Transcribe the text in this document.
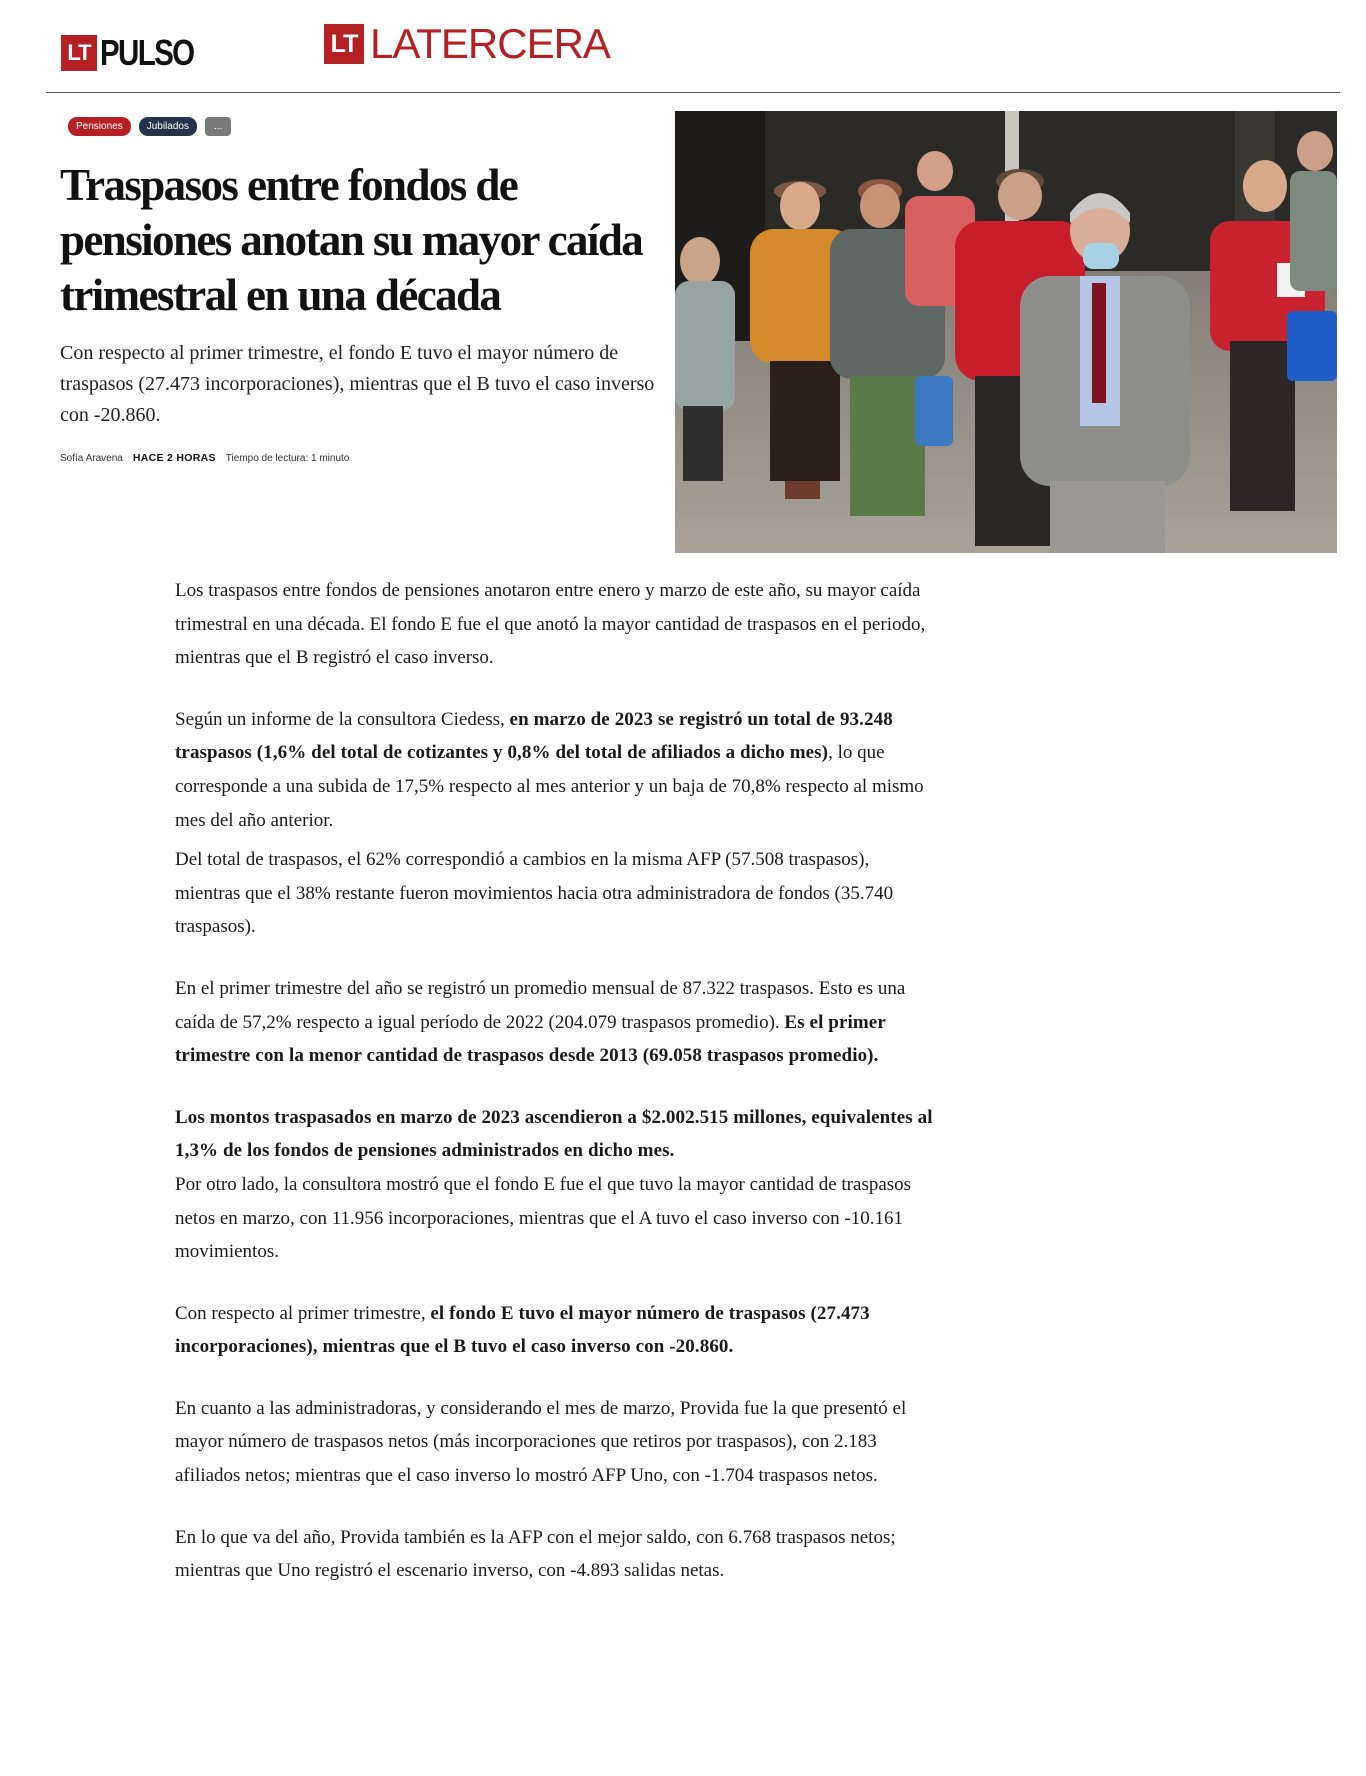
LT PULSO	LT LATERCERA
Pensiones	Jubilados	...
Traspasos entre fondos de pensiones anotan su mayor caída trimestral en una década

Con respecto al primer trimestre, el fondo E tuvo el mayor número de traspasos (27.473 incorporaciones), mientras que el B tuvo el caso inverso con -20.860.

Sofía Aravena HACE 2 HORAS Tiempo de lectura: 1 minuto

Los traspasos entre fondos de pensiones anotaron entre enero y marzo de este año, su mayor caída trimestral en una década. El fondo E fue el que anotó la mayor cantidad de traspasos en el periodo, mientras que el B registró el caso inverso.

Según un informe de la consultora Ciedess, en marzo de 2023 se registró un total de 93.248 traspasos (1,6% del total de cotizantes y 0,8% del total de afiliados a dicho mes), lo que corresponde a una subida de 17,5% respecto al mes anterior y un baja de 70,8% respecto al mismo mes del año anterior.

Del total de traspasos, el 62% correspondió a cambios en la misma AFP (57.508 traspasos), mientras que el 38% restante fueron movimientos hacia otra administradora de fondos (35.740 traspasos).

En el primer trimestre del año se registró un promedio mensual de 87.322 traspasos. Esto es una caída de 57,2% respecto a igual período de 2022 (204.079 traspasos promedio). Es el primer trimestre con la menor cantidad de traspasos desde 2013 (69.058 traspasos promedio).

Los montos traspasados en marzo de 2023 ascendieron a $2.002.515 millones, equivalentes al 1,3% de los fondos de pensiones administrados en dicho mes.

Por otro lado, la consultora mostró que el fondo E fue el que tuvo la mayor cantidad de traspasos netos en marzo, con 11.956 incorporaciones, mientras que el A tuvo el caso inverso con -10.161 movimientos.

Con respecto al primer trimestre, el fondo E tuvo el mayor número de traspasos (27.473 incorporaciones), mientras que el B tuvo el caso inverso con -20.860.

En cuanto a las administradoras, y considerando el mes de marzo, Provida fue la que presentó el mayor número de traspasos netos (más incorporaciones que retiros por traspasos), con 2.183 afiliados netos; mientras que el caso inverso lo mostró AFP Uno, con -1.704 traspasos netos.

En lo que va del año, Provida también es la AFP con el mejor saldo, con 6.768 traspasos netos; mientras que Uno registró el escenario inverso, con -4.893 salidas netas.
